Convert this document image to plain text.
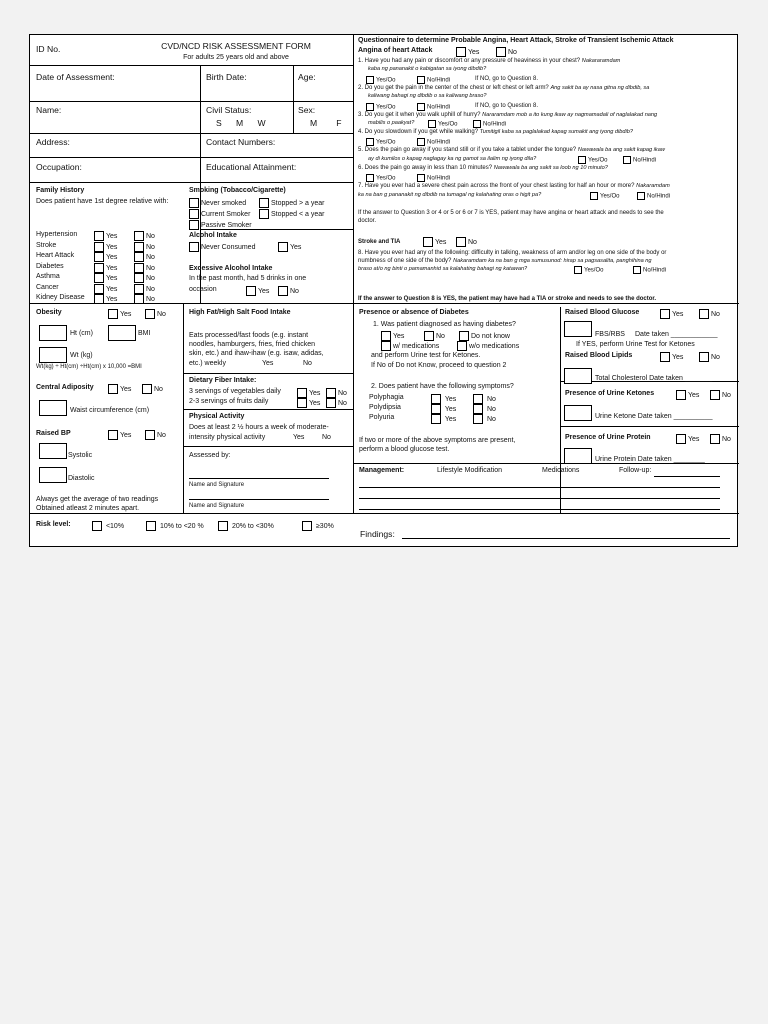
ID No.	CVD/NCD RISK ASSESSMENT FORM
For adults 25 years old and above
Date of Assessment:	Birth Date:	Age:
Name:	Civil Status:
S      M      W
Sex:
M        F
Address:	Contact Numbers:
Occupation:	Educational Attainment:
Family History
Does patient have 1st degree relative with:
Hypertension	Yes	No
Stroke	Yes	No
Heart Attack	Yes	No
Diabetes	Yes	No
Asthma	Yes	No
Cancer	Yes	No
Kidney Disease	Yes	No
Smoking (Tobacco/Cigarette)
Never smoked	Stopped > a year
Current Smoker	Stopped < a year
Passive Smoker
Alcohol Intake
Never Consumed	Yes
Excessive Alcohol Intake
In the past month, had 5 drinks in one
occasion	Yes	No
Obesity	Yes	No
Ht (cm)	BMI
Wt (kg)
Wt(kg) ÷ Ht(cm) ÷Ht(cm) x 10,000 =BMI
Central Adiposity	Yes	No
Waist circumference (cm)
Raised BP	Yes	No
Systolic
Diastolic
Always get the average of two readings
Obtained atleast 2 minutes apart.
High Fat/High Salt Food Intake
Eats processed/fast foods (e.g. instant
noodles, hamburgers, fries, fried chicken
skin, etc.) and ihaw-ihaw (e.g. isaw, adidas,
etc.) weekly	Yes	No
Dietary Fiber Intake:
3 servings of vegetables daily	Yes	No
2-3 servings of fruits daily	Yes	No
Physical Activity
Does at least 2 ½ hours a week of moderate-
intensity physical activity	Yes	No
Assessed by:
Name and Signature
Name and Signature
Questionnaire to determine Probable Angina, Heart Attack, Stroke of Transient Ischemic Attack
Angina of heart Attack	Yes	No
1. Have you had any pain or discomfort or any pressure of heaviness in your chest? Nakararamdam
kaba ng pananakit o kabigatan sa iyong dibdib?
Yes/Oo	No/Hindi	If NO, go to Question 8.
2. Do you get the pain in the center of the chest or left chest or left arm? Ang sakit ba ay nasa gitna ng dibdib, sa
kaliwang bahagi ng dibdib o sa kaliwang braso?
Yes/Oo	No/Hindi	If NO, go to Question 8.
3. Do you get it when you walk uphill of hurry? Nararamdam mob a ito kung ikaw ay nagmamadali of naglalakad nang
mabilis o paakyat?	Yes/Oo	No/Hindi
4. Do you slowdown if you get while walking? Tumitigil kaba sa paglalakad kapag sumakit ang iyong dibdib?
Yes/Oo	No/Hindi
5. Does the pain go away if you stand still or if you take a tablet under the tongue? Nawawala ba ang sakit kapag ikaw
ay di kumilos o kapag naglagay ka ng gamot sa ilalim ng iyong dila?	Yes/Oo	No/Hindi
6. Does the pain go away in less than 10 minutes? Nawawala ba ang sakit sa loob ng 10 minuto?
Yes/Oo	No/Hindi
7. Have you ever had a severe chest pain across the front of your chest lasting for half an hour or more? Nakaramdam
ka na ban g pananakit ng dibdib na tumagal ng kalahating oras o higit pa?	Yes/Oo	No/Hindi
If the answer to Question 3 or 4 or 5 or 6 or 7 is YES, patient may have angina or heart attack and needs to see the
doctor.
Stroke and TIA	Yes	No
8. Have you ever had any of the following: difficulty in talking, weakness of arm and/or leg on one side of the body or
numbness of one side of the body? Nakaramdam ka na ban g mga sumusunod: hirap sa pagsasalita, panghihina ng
braso at/o ng binti o pamamanhid sa kalahating bahagi ng katawan?	Yes/Oo	No/Hindi
If the answer to Question 8 is YES, the patient may have had a TIA or stroke and needs to see the doctor.
Presence or absence of Diabetes
1. Was patient diagnosed as having diabetes?
Yes	No	Do not know
w/ medications	w/o medications
and perform Urine test for Ketones.
If No of Do not Know, proceed to question 2
2. Does patient have the following symptoms?
Polyphagia	Yes	No
Polydipsia	Yes	No
Polyuria	Yes	No
If two or more of the above symptoms are present,
perform a blood glucose test.
Raised Blood Glucose	Yes	No
FBS/RBS Date taken ____________
If YES, perform Urine Test for Ketones
Raised Blood Lipids	Yes	No
Total Cholesterol Date taken _______
Presence of Urine Ketones	Yes	No
Urine Ketone Date taken __________
Presence of Urine Protein	Yes	No
Urine Protein Date taken ________
Management:	Lifestyle Modification	Medications	Follow-up:
Risk level:	<10%	10% to <20 %	20% to <30%	≥30%
Findings:
